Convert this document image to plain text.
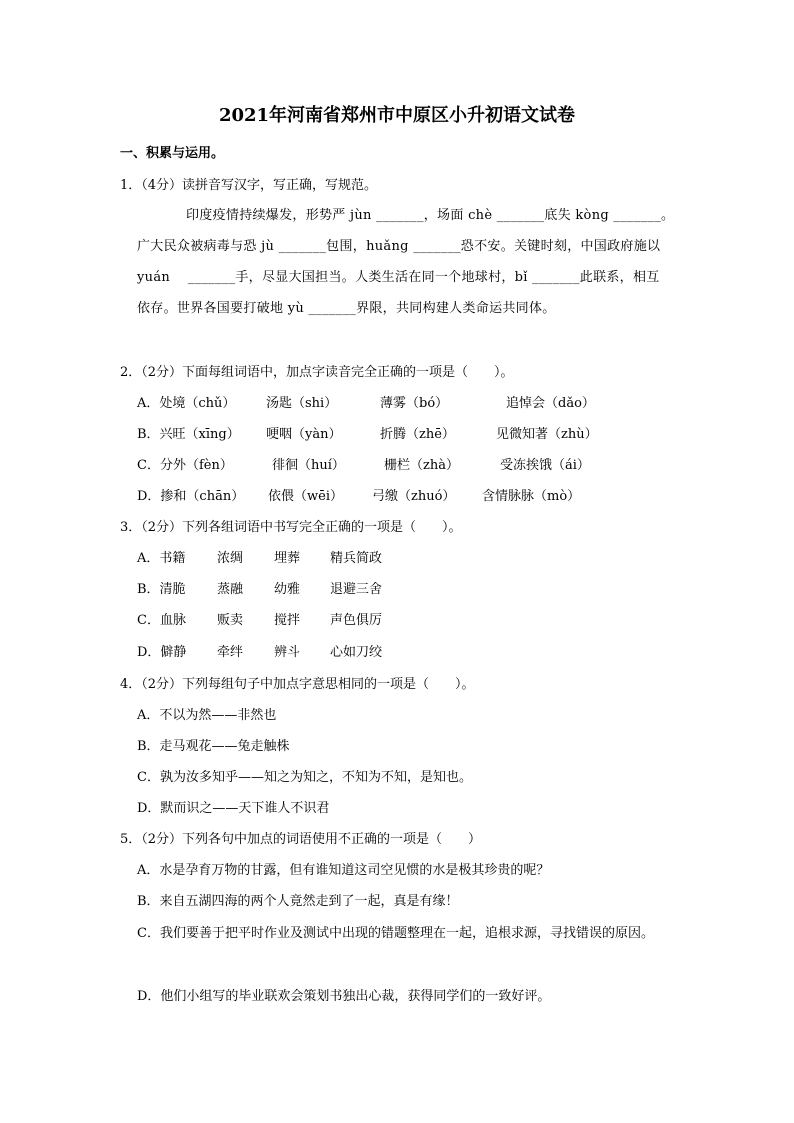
2021年河南省郑州市中原区小升初语文试卷
一、积累与运用。
1．（4分）读拼音写汉字，写正确，写规范。
印度疫情持续爆发，形势严 jùn _______，场面 chè _______底失 kòng _______。
广大民众被病毒与恐 jù _______包围，huǎng _______恐不安。关键时刻，中国政府施以
yuán　 _______手，尽显大国担当。人类生活在同一个地球村，bǐ _______此联系，相互
依存。世界各国要打破地 yù _______界限，共同构建人类命运共同体。
2．（2分）下面每组词语中，加点字读音完全正确的一项是（　　）。
A．处境（chǔ） 汤匙（shi）	薄雾（bó）	追悼会（dǎo）
B．兴旺（xīng） 哽咽（yàn）	折腾（zhē）	见微知著（zhù）
C．分外（fèn）	徘徊（huí）	栅栏（zhà）	受冻挨饿（ái）
D．掺和（chān） 依偎（wēi） 弓缴（zhuó） 含情脉脉（mò）
3．（2分）下列各组词语中书写完全正确的一项是（　　）。
A．书籍 浓绸 埋葬 精兵简政
B．清脆 蒸融 幼雅 退避三舍
C．血脉 贩卖 搅拌 声色俱厉
D．僻静 牵绊 辨斗 心如刀绞
4．（2分）下列每组句子中加点字意思相同的一项是（　　）。
A．不以为然——非然也
B．走马观花——兔走触株
C．孰为汝多知乎——知之为知之，不知为不知，是知也。
D．默而识之——天下谁人不识君
5．（2分）下列各句中加点的词语使用不正确的一项是（　　）
A．水是孕育万物的甘露，但有谁知道这司空见惯的水是极其珍贵的呢？
B．来自五湖四海的两个人竟然走到了一起，真是有缘！
C．我们要善于把平时作业及测试中出现的错题整理在一起，追根求源，寻找错误的原因。
D．他们小组写的毕业联欢会策划书独出心裁，获得同学们的一致好评。
